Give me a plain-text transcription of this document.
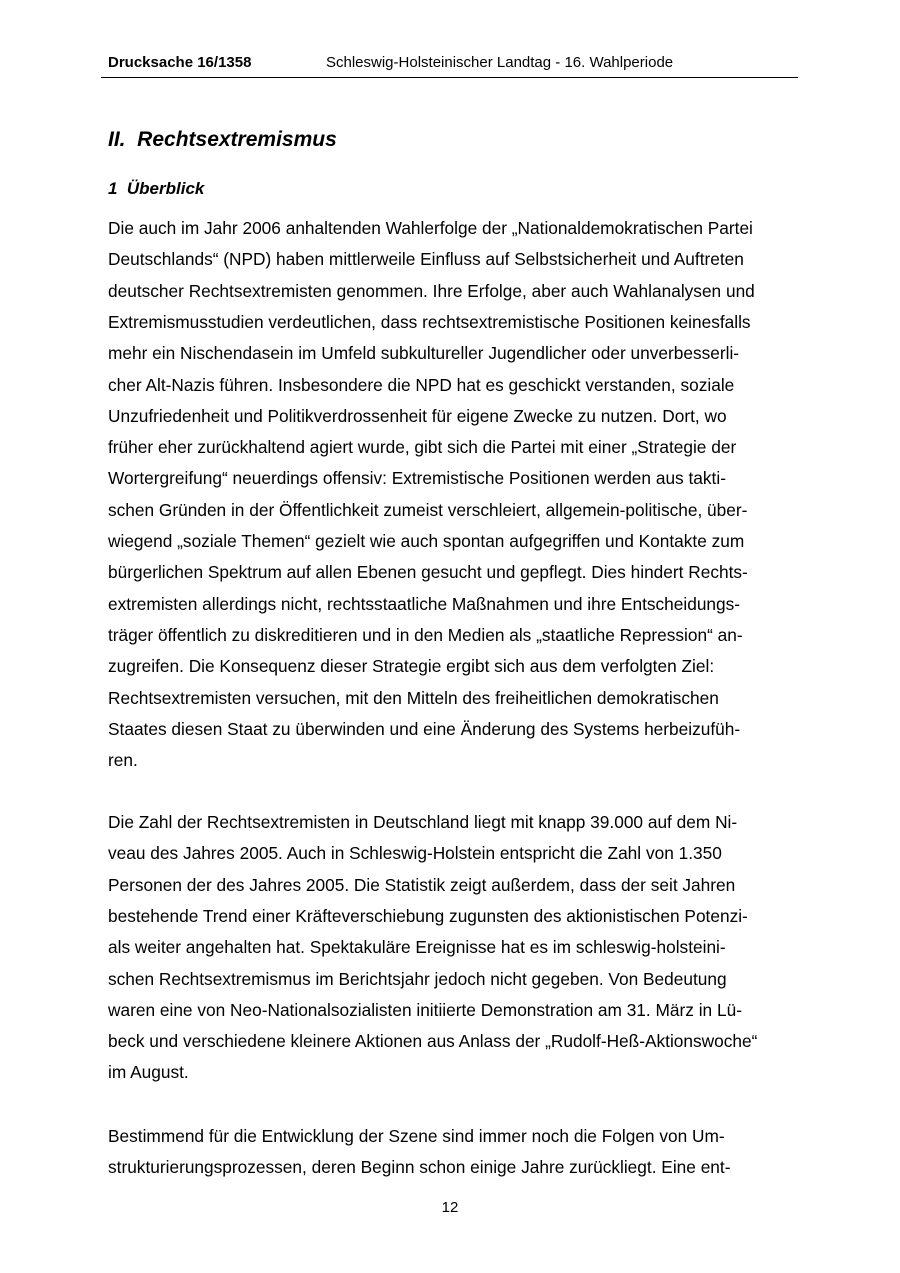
Drucksache 16/1358	Schleswig-Holsteinischer Landtag - 16. Wahlperiode
II.  Rechtsextremismus
1  Überblick

Die auch im Jahr 2006 anhaltenden Wahlerfolge der „Nationaldemokratischen Partei

Deutschlands“ (NPD) haben mittlerweile Einfluss auf Selbstsicherheit und Auftreten

deutscher Rechtsextremisten genommen. Ihre Erfolge, aber auch Wahlanalysen und

Extremismusstudien verdeutlichen, dass rechtsextremistische Positionen keinesfalls

mehr ein Nischendasein im Umfeld subkultureller Jugendlicher oder unverbesserli-

cher Alt-Nazis führen. Insbesondere die NPD hat es geschickt verstanden, soziale

Unzufriedenheit und Politikverdrossenheit für eigene Zwecke zu nutzen. Dort, wo

früher eher zurückhaltend agiert wurde, gibt sich die Partei mit einer „Strategie der

Wortergreifung“ neuerdings offensiv: Extremistische Positionen werden aus takti-

schen Gründen in der Öffentlichkeit zumeist verschleiert, allgemein-politische, über-

wiegend „soziale Themen“ gezielt wie auch spontan aufgegriffen und Kontakte zum

bürgerlichen Spektrum auf allen Ebenen gesucht und gepflegt. Dies hindert Rechts-

extremisten allerdings nicht, rechtsstaatliche Maßnahmen und ihre Entscheidungs-

träger öffentlich zu diskreditieren und in den Medien als „staatliche Repression“ an-

zugreifen. Die Konsequenz dieser Strategie ergibt sich aus dem verfolgten Ziel:

Rechtsextremisten versuchen, mit den Mitteln des freiheitlichen demokratischen

Staates diesen Staat zu überwinden und eine Änderung des Systems herbeizufüh-

ren.

Die Zahl der Rechtsextremisten in Deutschland liegt mit knapp 39.000 auf dem Ni-

veau des Jahres 2005. Auch in Schleswig-Holstein entspricht die Zahl von 1.350

Personen der des Jahres 2005. Die Statistik zeigt außerdem, dass der seit Jahren

bestehende Trend einer Kräfteverschiebung zugunsten des aktionistischen Potenzi-

als weiter angehalten hat. Spektakuläre Ereignisse hat es im schleswig-holsteini-

schen Rechtsextremismus im Berichtsjahr jedoch nicht gegeben. Von Bedeutung

waren eine von Neo-Nationalsozialisten initiierte Demonstration am 31. März in Lü-

beck und verschiedene kleinere Aktionen aus Anlass der „Rudolf-Heß-Aktionswoche“

im August.

Bestimmend für die Entwicklung der Szene sind immer noch die Folgen von Um-

strukturierungsprozessen, deren Beginn schon einige Jahre zurückliegt. Eine ent-

12
